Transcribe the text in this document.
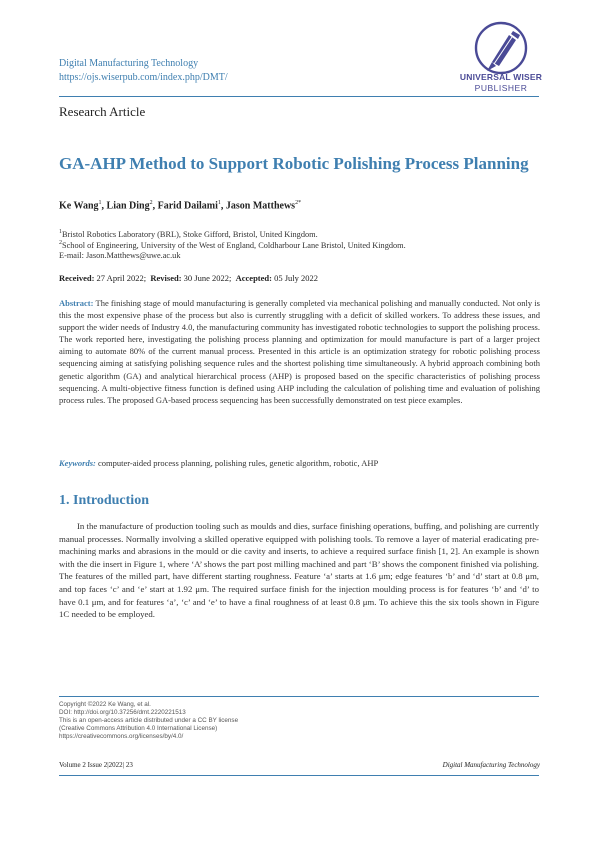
Digital Manufacturing Technology
https://ojs.wiserpub.com/index.php/DMT/	UNIVERSAL WISER
PUBLISHER
Research Article
GA-AHP Method to Support Robotic Polishing Process Planning
Ke Wang$^1$, Lian Ding$^2$, Farid Dailami$^1$, Jason Matthews$^{2*}$
$^1$Bristol Robotics Laboratory (BRL), Stoke Gifford, Bristol, United Kingdom.
$^2$School of Engineering, University of the West of England, Coldharbour Lane Bristol, United Kingdom.
E-mail: Jason.Matthews@uwe.ac.uk
Received: 27 April 2022; Revised: 30 June 2022; Accepted: 05 July 2022
Abstract: The finishing stage of mould manufacturing is generally completed via mechanical polishing and manually conducted. Not only is this the most expensive phase of the process but also is currently struggling with a deficit of skilled workers. To address these issues, and support the wider needs of Industry 4.0, the manufacturing community has investigated robotic technologies to support the polishing process. The work reported here, investigating the polishing process planning and optimization for mould manufacture is part of a larger project aiming to automate 80% of the current manual process. Presented in this article is an optimization strategy for robotic polishing process sequencing aiming at satisfying polishing sequence rules and the shortest polishing time simultaneously. A hybrid approach combining both genetic algorithm (GA) and analytical hierarchical process (AHP) is proposed based on the specific characteristics of polishing process sequencing. A multi-objective fitness function is defined using AHP including the calculation of polishing time and evaluation of polishing process rules. The proposed GA-based process sequencing has been successfully demonstrated on test piece examples.
Keywords: computer-aided process planning, polishing rules, genetic algorithm, robotic, AHP
1. Introduction
In the manufacture of production tooling such as moulds and dies, surface finishing operations, buffing, and polishing are currently manual processes. Normally involving a skilled operative equipped with polishing tools. To remove a layer of material eradicating pre-machining marks and abrasions in the mould or die cavity and inserts, to achieve a required surface finish [1, 2]. An example is shown with the die insert in Figure 1, where ‘A’ shows the part post milling machined and part ‘B’ shows the component finished via polishing. The features of the milled part, have different starting roughness. Feature ‘a’ starts at 1.6 μm; edge features ‘b’ and ‘d’ start at 0.8 μm, and top faces ‘c’ and ‘e’ start at 1.92 μm. The required surface finish for the injection moulding process is for features ‘b’ and ‘d’ to have 0.1 μm, and for features ‘a’, ‘c’ and ‘e’ to have a final roughness of at least 0.8 μm. To achieve this the six tools shown in Figure 1C needed to be employed.
Copyright ©2022 Ke Wang, et al.
DOI: http://doi.org/10.37256/dmt.2220221513
This is an open-access article distributed under a CC BY license
(Creative Commons Attribution 4.0 International License)
https://creativecommons.org/licenses/by/4.0/
Volume 2 Issue 2|2022| 23	Digital Manufacturing Technology
